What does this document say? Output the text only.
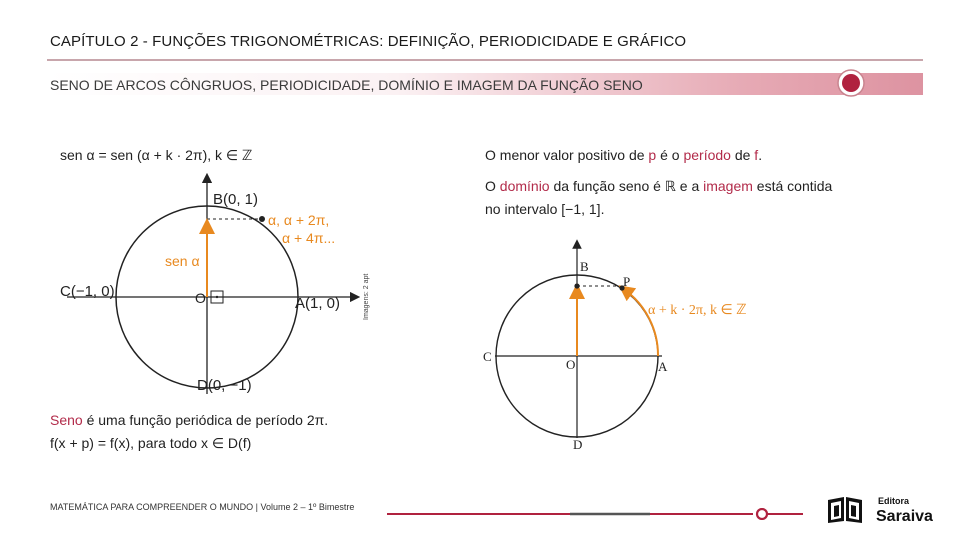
CAPÍTULO 2 - FUNÇÕES TRIGONOMÉTRICAS: DEFINIÇÃO, PERIODICIDADE E GRÁFICO
SENO DE ARCOS CÔNGRUOS, PERIODICIDADE, DOMÍNIO E IMAGEM DA FUNÇÃO SENO
sen α = sen (α + k · 2π), k ∈ ℤ
B(0, 1)
α, α + 2π,
α + 4π...
sen α
C(−1, 0)	O	A(1, 0)
D(0, −1)
Imagens: 2 apt
Seno é uma função periódica de período 2π.
f(x + p) = f(x), para todo x ∈ D(f)
O menor valor positivo de p é o período de f.
O domínio da função seno é ℝ e a imagem está contida no intervalo [−1, 1].
B
P
α + k · 2π, k ∈ ℤ
C
O	A
D
MATEMÁTICA PARA COMPREENDER O MUNDO | Volume 2 – 1º Bimestre
Editora
Saraiva
